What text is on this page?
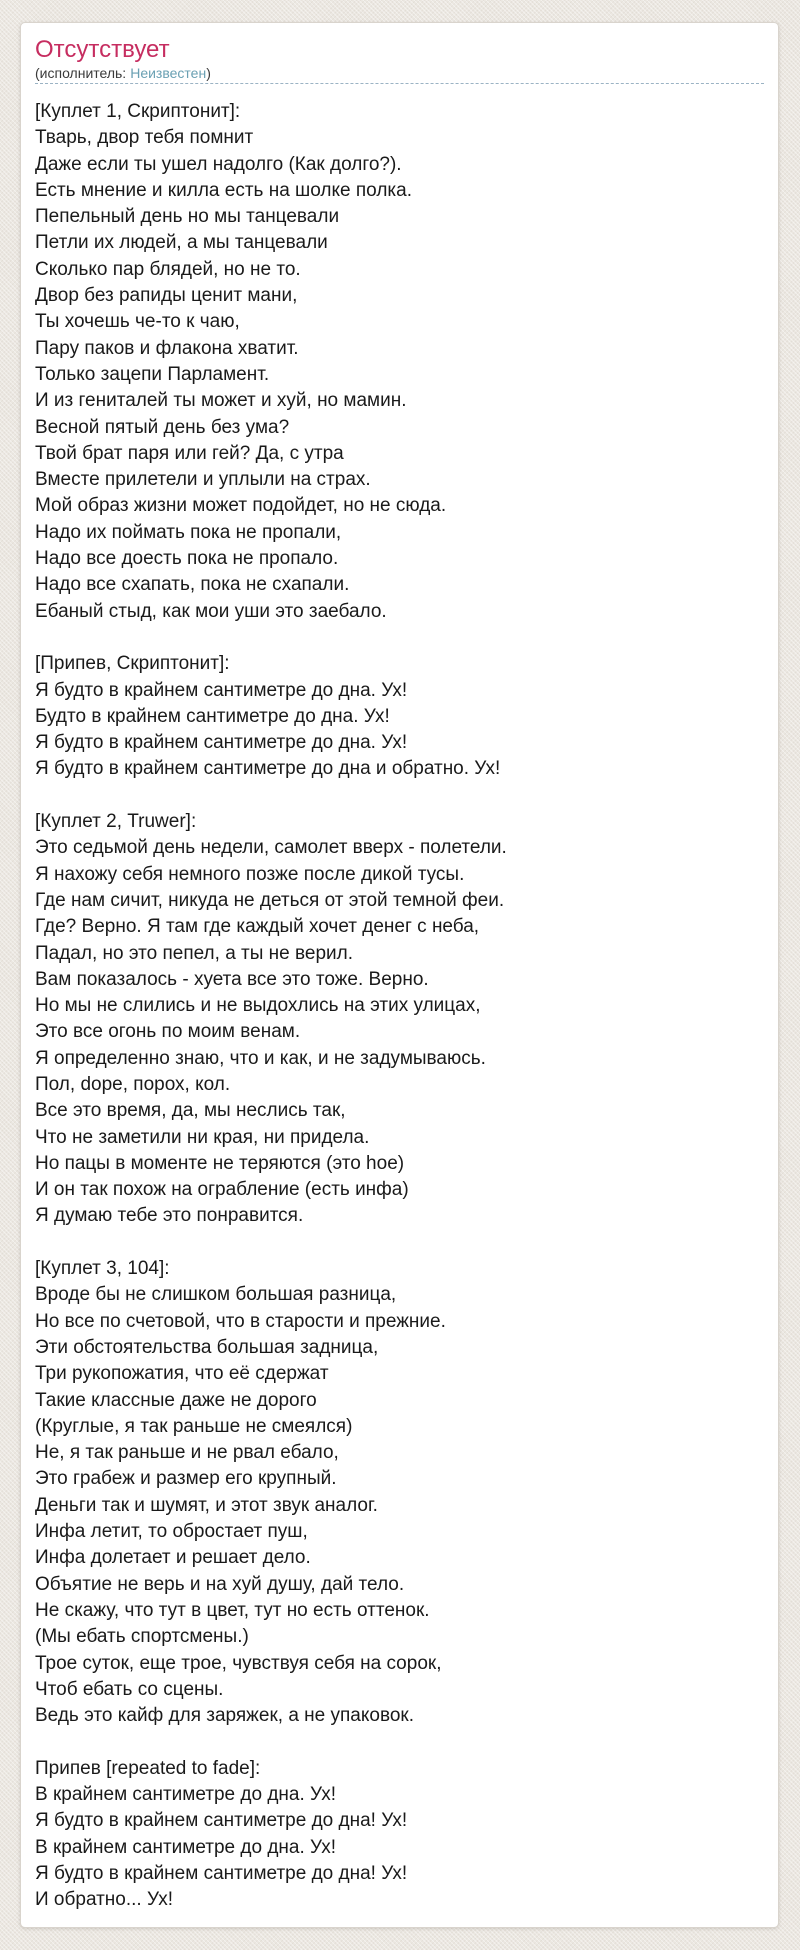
Отсутствует
(исполнитель: Неизвестен)
[Куплет 1, Скриптонит]:
Тварь, двор тебя помнит
Даже если ты ушел надолго (Как долго?).
Есть мнение и килла есть на шолке полка.
Пепельный день но мы танцевали
Петли их людей, а мы танцевали
Сколько пар блядей, но не то.
Двор без рапиды ценит мани,
Ты хочешь че-то к чаю,
Пару паков и флакона хватит.
Только зацепи Парламент.
И из гениталей ты может и хуй, но мамин.
Весной пятый день без ума?
Твой брат паря или гей? Да, с утра
Вместе прилетели и уплыли на страх.
Мой образ жизни может подойдет, но не сюда.
Надо их поймать пока не пропали,
Надо все доесть пока не пропало.
Надо все схапать, пока не схапали.
Ебаный стыд, как мои уши это заебало.

[Припев, Скриптонит]:
Я будто в крайнем сантиметре до дна. Ух!
Будто в крайнем сантиметре до дна. Ух!
Я будто в крайнем сантиметре до дна. Ух!
Я будто в крайнем сантиметре до дна и обратно. Ух!

[Куплет 2, Truwer]:
Это седьмой день недели, самолет вверх - полетели.
Я нахожу себя немного позже после дикой тусы.
Где нам сичит, никуда не деться от этой темной феи.
Где? Верно. Я там где каждый хочет денег с неба,
Падал, но это пепел, а ты не верил.
Вам показалось - хуета все это тоже. Верно.
Но мы не слились и не выдохлись на этих улицах,
Это все огонь по моим венам.
Я определенно знаю, что и как, и не задумываюсь.
Пол, dope, порох, кол.
Все это время, да, мы неслись так,
Что не заметили ни края, ни придела.
Но пацы в моменте не теряются (это hoe)
И он так похож на ограбление (есть инфа)
Я думаю тебе это понравится.

[Куплет 3, 104]:
Вроде бы не слишком большая разница,
Но все по счетовой, что в старости и прежние.
Эти обстоятельства большая задница,
Три рукопожатия, что её сдержат
Такие классные даже не дорого
(Круглые, я так раньше не смеялся)
Не, я так раньше и не рвал ебало,
Это грабеж и размер его крупный.
Деньги так и шумят, и этот звук аналог.
Инфа летит, то обростает пуш,
Инфа долетает и решает дело.
Объятие не верь и на хуй душу, дай тело.
Не скажу, что тут в цвет, тут но есть оттенок.
(Мы ебать спортсмены.)
Трое суток, еще трое, чувствуя себя на сорок,
Чтоб ебать со сцены.
Ведь это кайф для заряжек, а не упаковок.

Припев [repeated to fade]:
В крайнем сантиметре до дна. Ух!
Я будто в крайнем сантиметре до дна! Ух!
В крайнем сантиметре до дна. Ух!
Я будто в крайнем сантиметре до дна! Ух!
И обратно... Ух!
